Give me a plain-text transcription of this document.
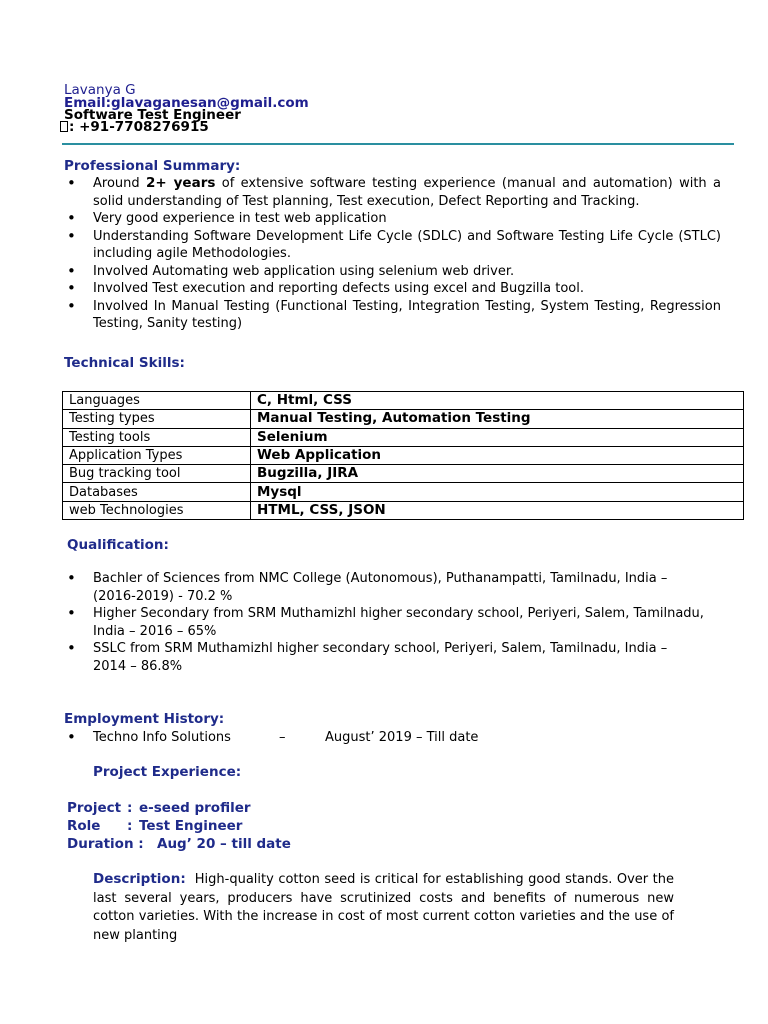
Lavanya G
Email:glavaganesan@gmail.com
Software Test Engineer
: +91-7708276915
Professional Summary:
• Around 2+ years of extensive software testing experience (manual and automation) with a solid understanding of Test planning, Test execution, Defect Reporting and Tracking.
• Very good experience in test web application
• Understanding Software Development Life Cycle (SDLC) and Software Testing Life Cycle (STLC) including agile Methodologies.
• Involved Automating web application using selenium web driver.
• Involved Test execution and reporting defects using excel and Bugzilla tool.
• Involved In Manual Testing (Functional Testing, Integration Testing, System Testing, Regression Testing, Sanity testing)
Technical Skills:
Languages	C, Html, CSS
Testing types	Manual Testing, Automation Testing
Testing tools	Selenium
Application Types	Web Application
Bug tracking tool	Bugzilla, JIRA
Databases	Mysql
web Technologies	HTML, CSS, JSON
Qualification:
• Bachler of Sciences from NMC College (Autonomous), Puthanampatti, Tamilnadu, India – (2016-2019) - 70.2 %
• Higher Secondary from SRM Muthamizhl higher secondary school, Periyeri, Salem, Tamilnadu, India – 2016 – 65%
• SSLC from SRM Muthamizhl higher secondary school, Periyeri, Salem, Tamilnadu, India – 2014 – 86.8%
Employment History:
• Techno Info Solutions	–	August’ 2019 – Till date
Project Experience:
Project : e-seed profiler
Role : Test Engineer
Duration : Aug’ 20 – till date
Description: High-quality cotton seed is critical for establishing good stands. Over the last several years, producers have scrutinized costs and benefits of numerous new cotton varieties. With the increase in cost of most current cotton varieties and the use of new planting
